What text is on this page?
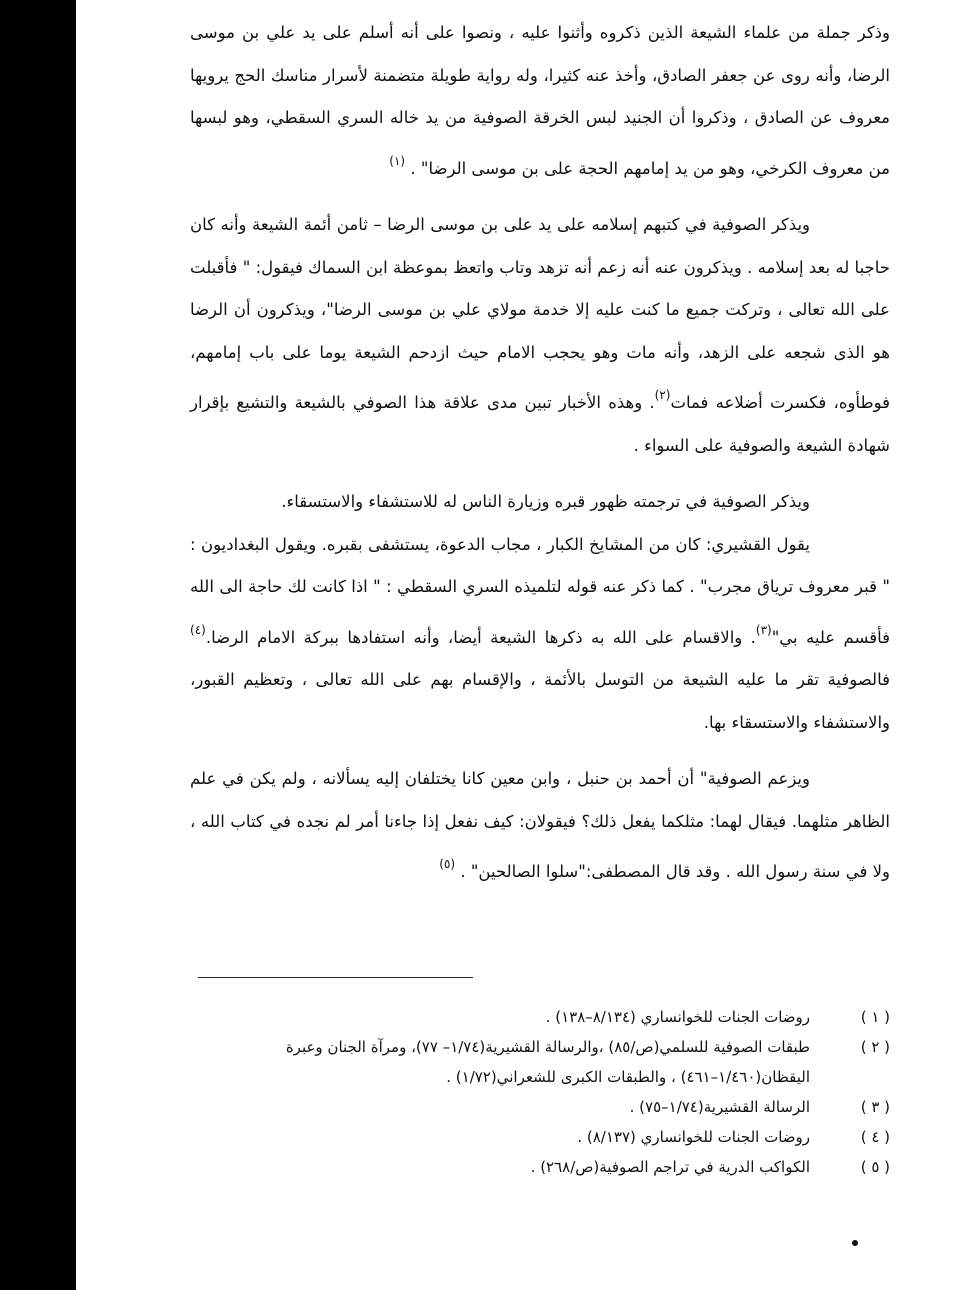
وذكر جملة من علماء الشيعة الذين ذكروه وأثنوا عليه ، ونصوا على أنه أسلم على يد علي بن موسى الرضا، وأنه روى عن جعفر الصادق، وأخذ عنه كثيرا، وله رواية طويلة متضمنة لأسرار مناسك الحج يرويها معروف عن الصادق ، وذكروا أن الجنيد لبس الخرقة الصوفية من يد خاله السري السقطي، وهو لبسها من معروف الكرخي، وهو من يد إمامهم الحجة على بن موسى الرضا" . $^{(١)}$

ويذكر الصوفية في كتبهم إسلامه على يد على بن موسى الرضا – ثامن أئمة الشيعة وأنه كان حاجبا له بعد إسلامه . ويذكرون عنه أنه زعم أنه تزهد وتاب واتعظ بموعظة ابن السماك فيقول: " فأقبلت على الله تعالى ، وتركت جميع ما كنت عليه إلا خدمة مولاي علي بن موسى الرضا"، ويذكرون أن الرضا هو الذى شجعه على الزهد، وأنه مات وهو يحجب الامام حيث ازدحم الشيعة يوما على باب إمامهم، فوطأوه، فكسرت أضلاعه فمات$^{(٢)}$. وهذه الأخبار تبين مدى علاقة هذا الصوفي بالشيعة والتشيع بإقرار شهادة الشيعة والصوفية على السواء .

ويذكر الصوفية في ترجمته ظهور قبره وزيارة الناس له للاستشفاء والاستسقاء.

يقول القشيري: كان من المشايخ الكبار ، مجاب الدعوة، يستشفى بقبره. ويقول البغداديون : " قبر معروف ترياق مجرب" . كما ذكر عنه قوله لتلميذه السري السقطي : " اذا كانت لك حاجة الى الله فأقسم عليه بي"$^{(٣)}$. والاقسام على الله به ذكرها الشيعة أيضا، وأنه استفادها ببركة الامام الرضا.$^{(٤)}$ فالصوفية تقر ما عليه الشيعة من التوسل بالأئمة ، والإقسام بهم على الله تعالى ، وتعظيم القبور، والاستشفاء والاستسقاء بها.

ويزعم الصوفية" أن أحمد بن حنبل ، وابن معين كانا يختلفان إليه يسألانه ، ولم يكن في علم الظاهر مثلهما. فيقال لهما: مثلكما يفعل ذلك؟ فيقولان: كيف نفعل إذا جاءنا أمر لم نجده في كتاب الله ، ولا في سنة رسول الله . وقد قال المصطفى:"سلوا الصالحين" . $^{(٥)}$

( ١ )
روضات الجنات للخوانساري (٨/١٣٤–١٣٨) .
( ٢ )
طبقات الصوفية للسلمي(ص/٨٥) ،والرسالة القشيرية(١/٧٤– ٧٧)، ومرآة الجنان وعبرة اليقظان(١/٤٦٠–٤٦١) ، والطبقات الكبرى للشعراني(١/٧٢) .
( ٣ )
الرسالة القشيرية(١/٧٤–٧٥) .
( ٤ )
روضات الجنات للخوانساري (٨/١٣٧) .
( ٥ )
الكواكب الدرية في تراجم الصوفية(ص/٢٦٨) .
